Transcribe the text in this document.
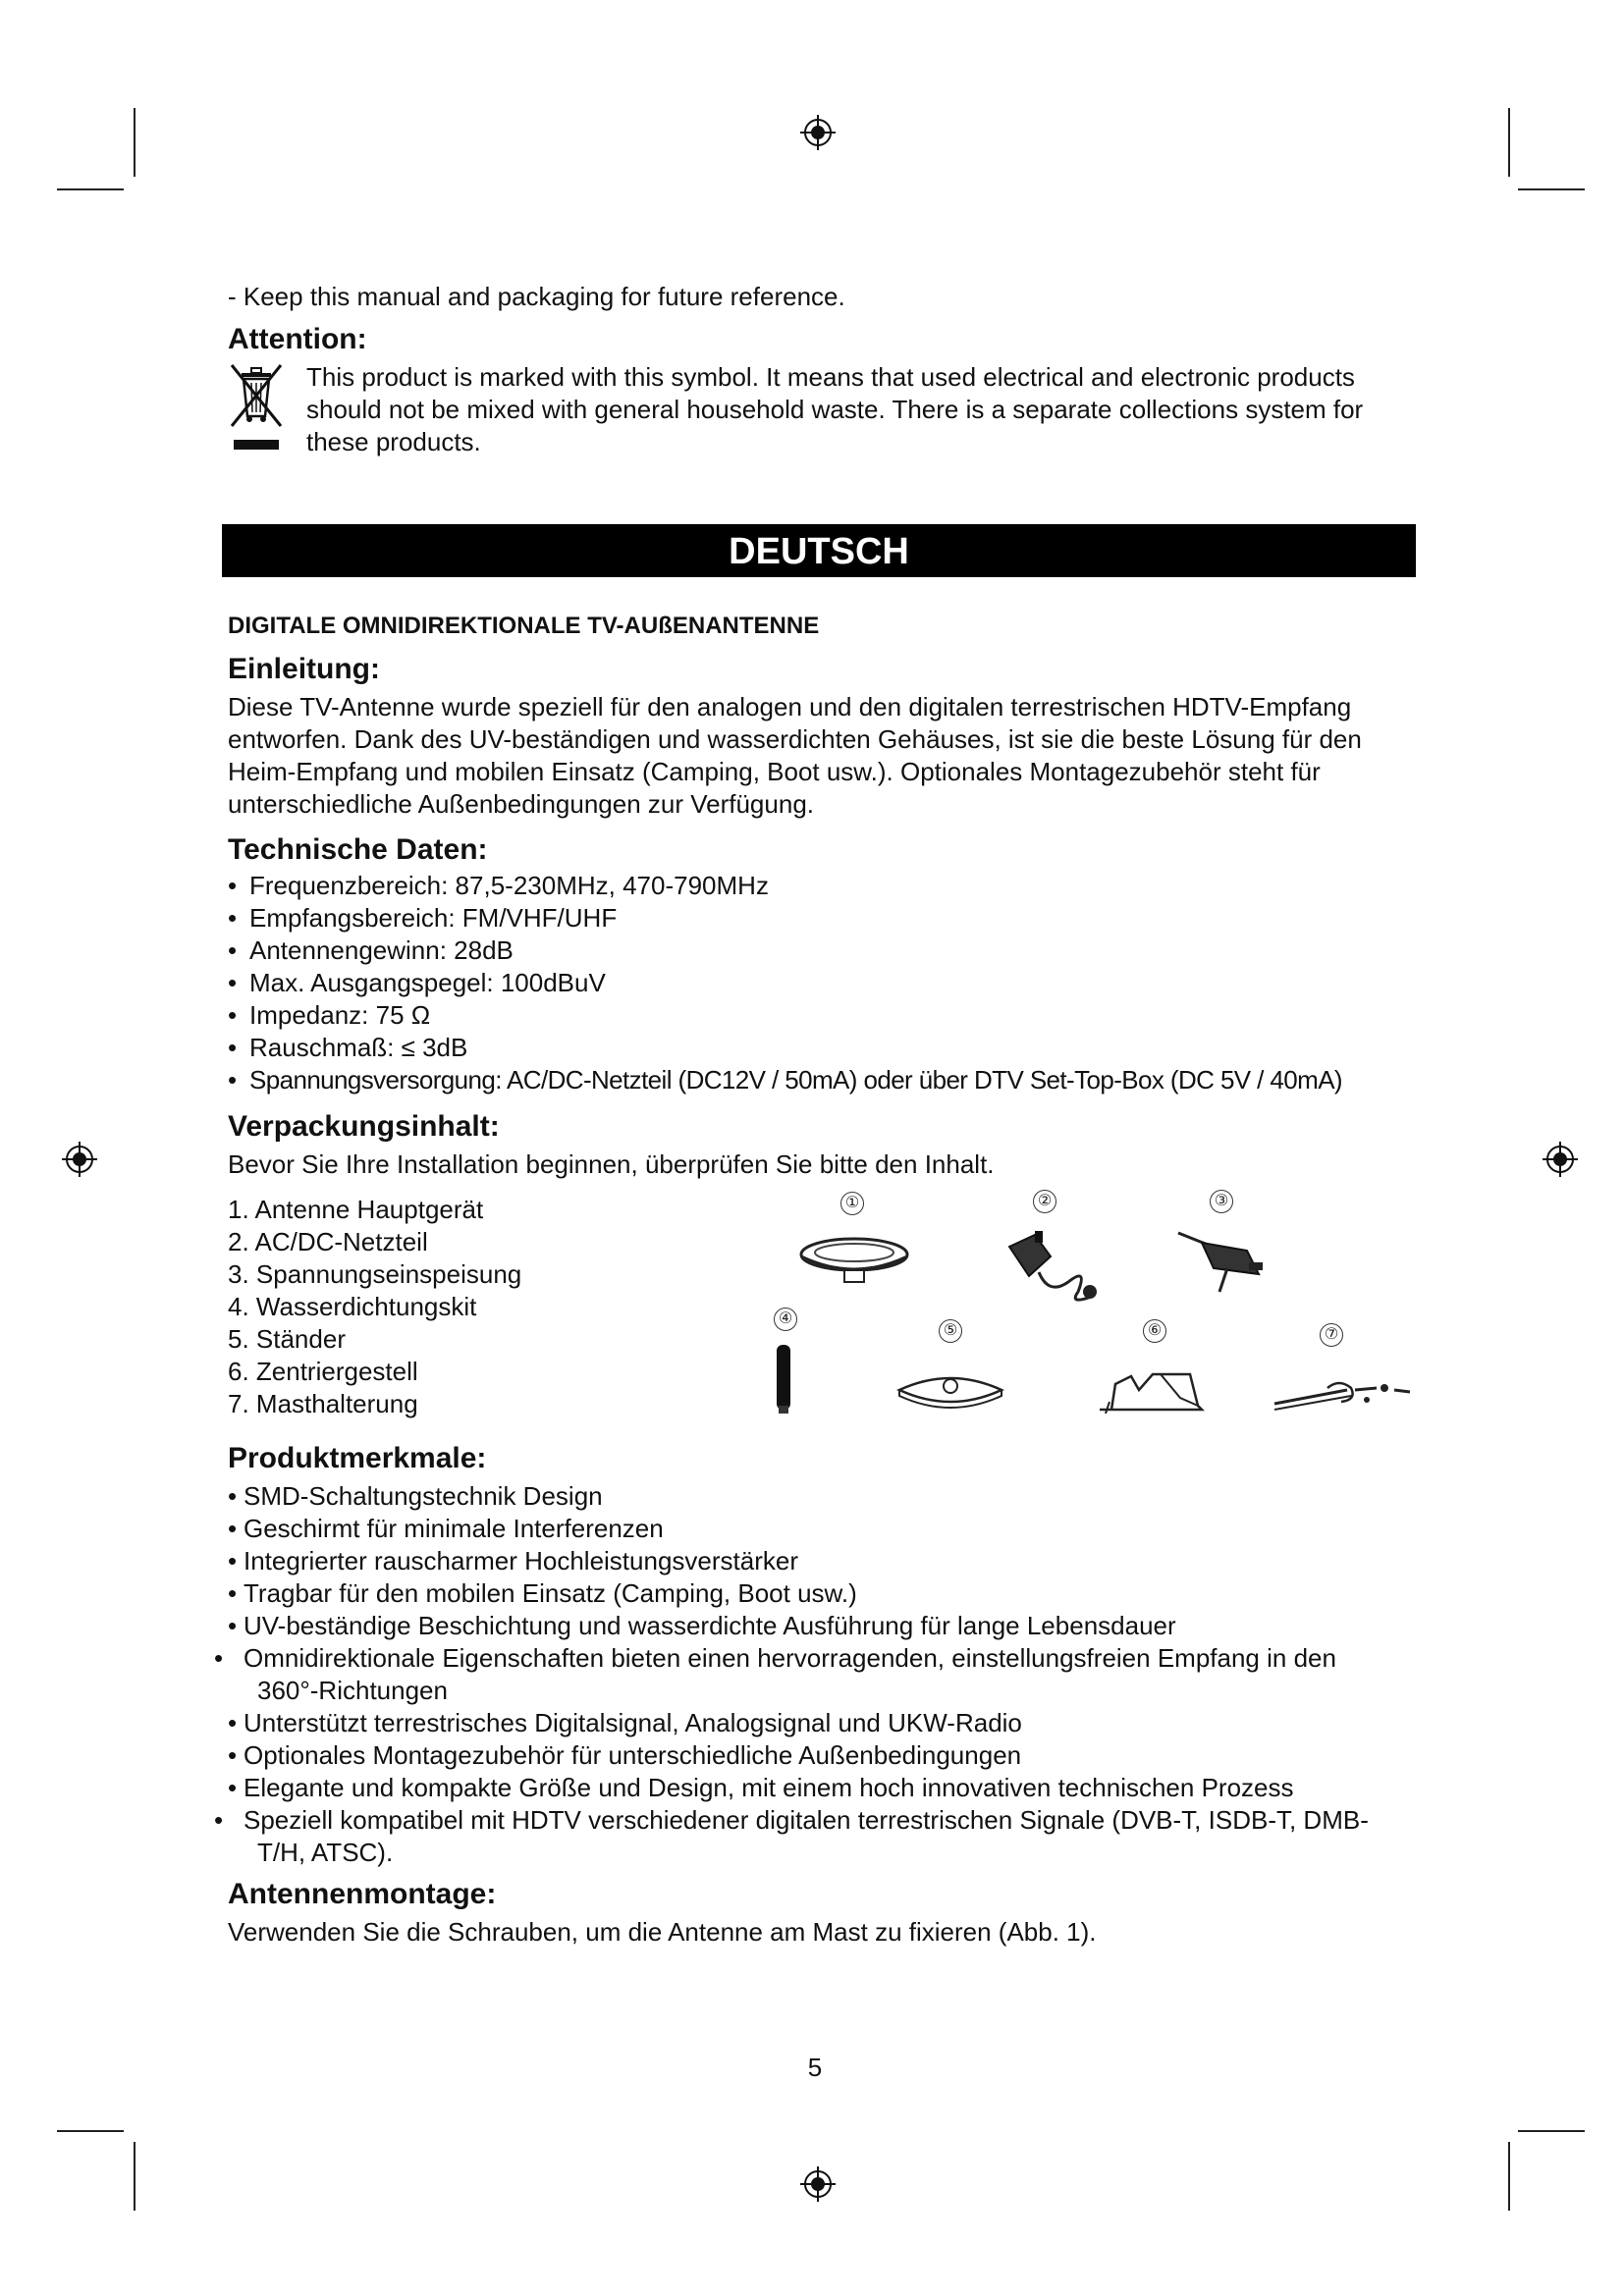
- Keep this manual and packaging for future reference.
Attention:
This product is marked with this symbol. It means that used electrical and electronic products should not be mixed with general household waste. There is a separate collections system for these products.
DEUTSCH
DIGITALE OMNIDIREKTIONALE TV-AUßENANTENNE
Einleitung:
Diese TV-Antenne wurde speziell für den analogen und den digitalen terrestrischen HDTV-Empfang entworfen. Dank des UV-beständigen und wasserdichten Gehäuses, ist sie die beste Lösung für den Heim-Empfang und mobilen Einsatz (Camping, Boot usw.). Optionales Montagezubehör steht für unterschiedliche Außenbedingungen zur Verfügung.
Technische Daten:
• Frequenzbereich: 87,5-230MHz, 470-790MHz
• Empfangsbereich: FM/VHF/UHF
• Antennengewinn: 28dB
• Max. Ausgangspegel: 100dBuV
• Impedanz: 75 Ω
• Rauschmaß: ≤ 3dB
• Spannungsversorgung: AC/DC-Netzteil (DC12V / 50mA) oder über DTV Set-Top-Box (DC 5V / 40mA)
Verpackungsinhalt:
Bevor Sie Ihre Installation beginnen, überprüfen Sie bitte den Inhalt.
1. Antenne Hauptgerät
2. AC/DC-Netzteil
3. Spannungseinspeisung
4. Wasserdichtungskit
5. Ständer
6. Zentriergestell
7. Masthalterung
①	②	③
④
⑤	⑥	⑦
Produktmerkmale:
• SMD-Schaltungstechnik Design
• Geschirmt für minimale Interferenzen
• Integrierter rauscharmer Hochleistungsverstärker
• Tragbar für den mobilen Einsatz (Camping, Boot usw.)
• UV-beständige Beschichtung und wasserdichte Ausführung für lange Lebensdauer
• Omnidirektionale Eigenschaften bieten einen hervorragenden, einstellungsfreien Empfang in den 360°-Richtungen
• Unterstützt terrestrisches Digitalsignal, Analogsignal und UKW-Radio
• Optionales Montagezubehör für unterschiedliche Außenbedingungen
• Elegante und kompakte Größe und Design, mit einem hoch innovativen technischen Prozess
• Speziell kompatibel mit HDTV verschiedener digitalen terrestrischen Signale (DVB-T, ISDB-T, DMB-T/H, ATSC).
Antennenmontage:
Verwenden Sie die Schrauben, um die Antenne am Mast zu fixieren (Abb. 1).
5
